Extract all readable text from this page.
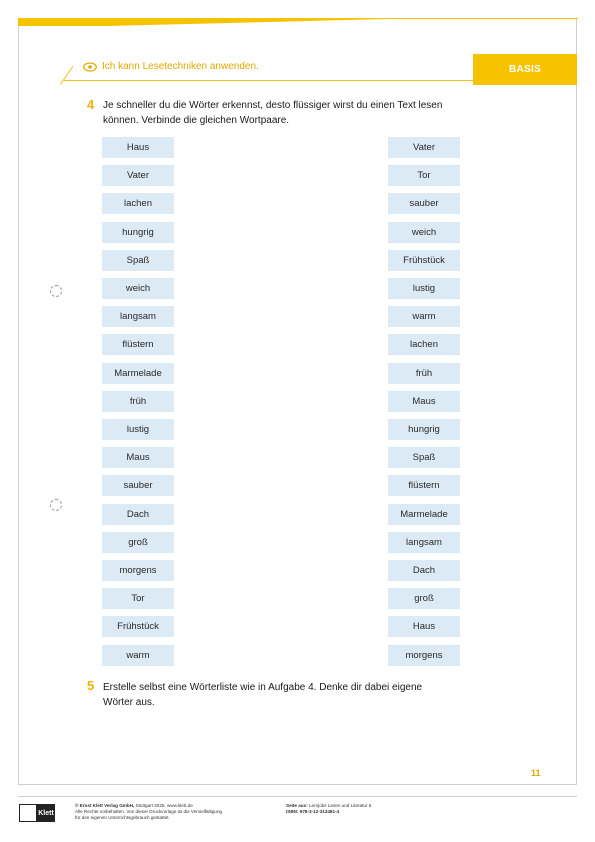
Ich kann Lesetechniken anwenden.	BASIS
4 Je schneller du die Wörter erkennst, desto flüssiger wirst du einen Text lesen
können. Verbinde die gleichen Wortpaare.
Haus
Vater
lachen
hungrig
Spaß
weich
langsam
flüstern
Marmelade
früh
lustig
Maus
sauber
Dach
groß
morgens
Tor
Frühstück
warm
Vater
Tor
sauber
weich
Frühstück
lustig
warm
lachen
früh
Maus
hungrig
Spaß
flüstern
Marmelade
langsam
Dach
groß
Haus
morgens
5 Erstelle selbst eine Wörterliste wie in Aufgabe 4. Denke dir dabei eigene
Wörter aus.
11
Klett
© Ernst Klett Verlag GmbH, Stuttgart 2025, www.klett.de
Alle Rechte vorbehalten. Von dieser Druckvorlage ist die Vervielfältigung
für den eigenen Unterrichtsgebrauch gestattet.
Seite aus: Lernjobs Lesen und Literatur 5
ISBN: 978-3-12-313481-4
